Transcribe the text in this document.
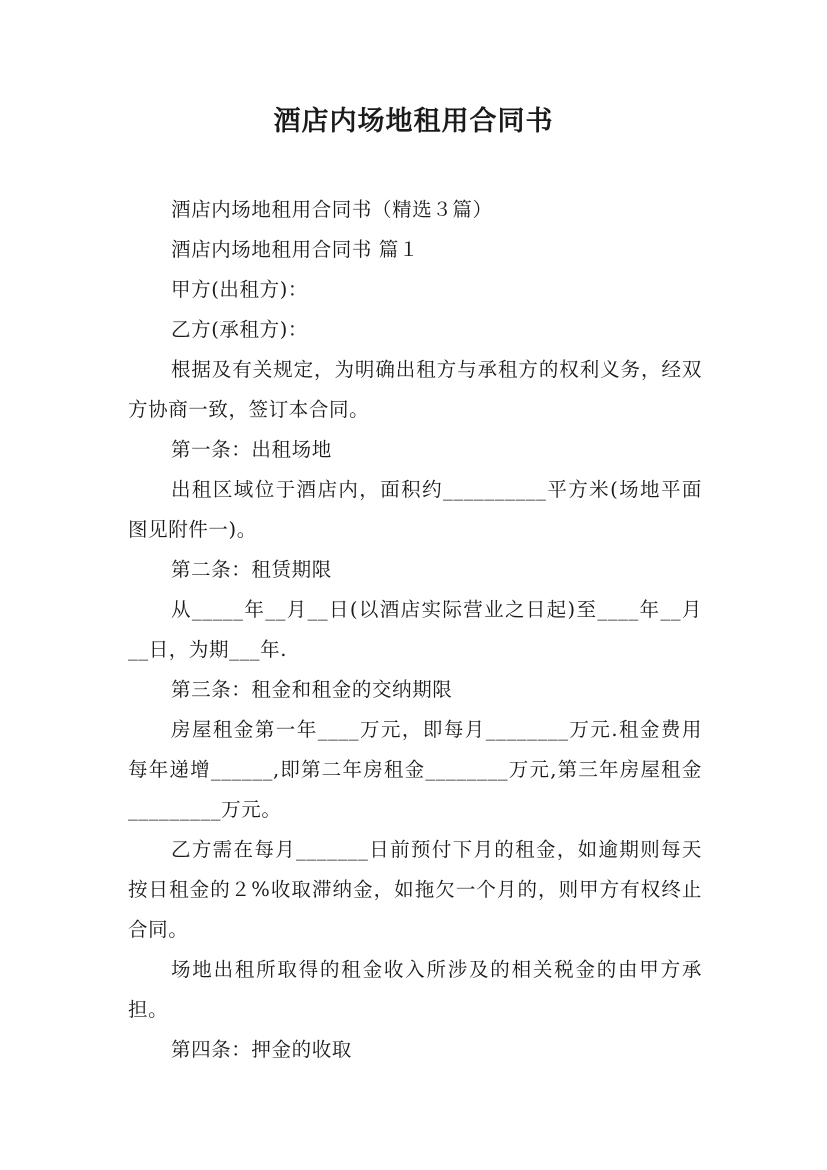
酒店内场地租用合同书

酒店内场地租用合同书（精选３篇）

酒店内场地租用合同书 篇１

甲方(出租方)：

乙方(承租方)：

根据及有关规定，为明确出租方与承租方的权利义务，经双方协商一致，签订本合同。

第一条：出租场地

出租区域位于酒店内，面积约__________平方米(场地平面图见附件一)。

第二条：租赁期限

从_____年__月__日(以酒店实际营业之日起)至____年__月__日，为期___年.

第三条：租金和租金的交纳期限

房屋租金第一年____万元，即每月________万元.租金费用每年递增______,即第二年房租金________万元,第三年房屋租金_________万元。

乙方需在每月_______日前预付下月的租金，如逾期则每天按日租金的２%收取滞纳金，如拖欠一个月的，则甲方有权终止合同。

场地出租所取得的租金收入所涉及的相关税金的由甲方承担。

第四条：押金的收取
